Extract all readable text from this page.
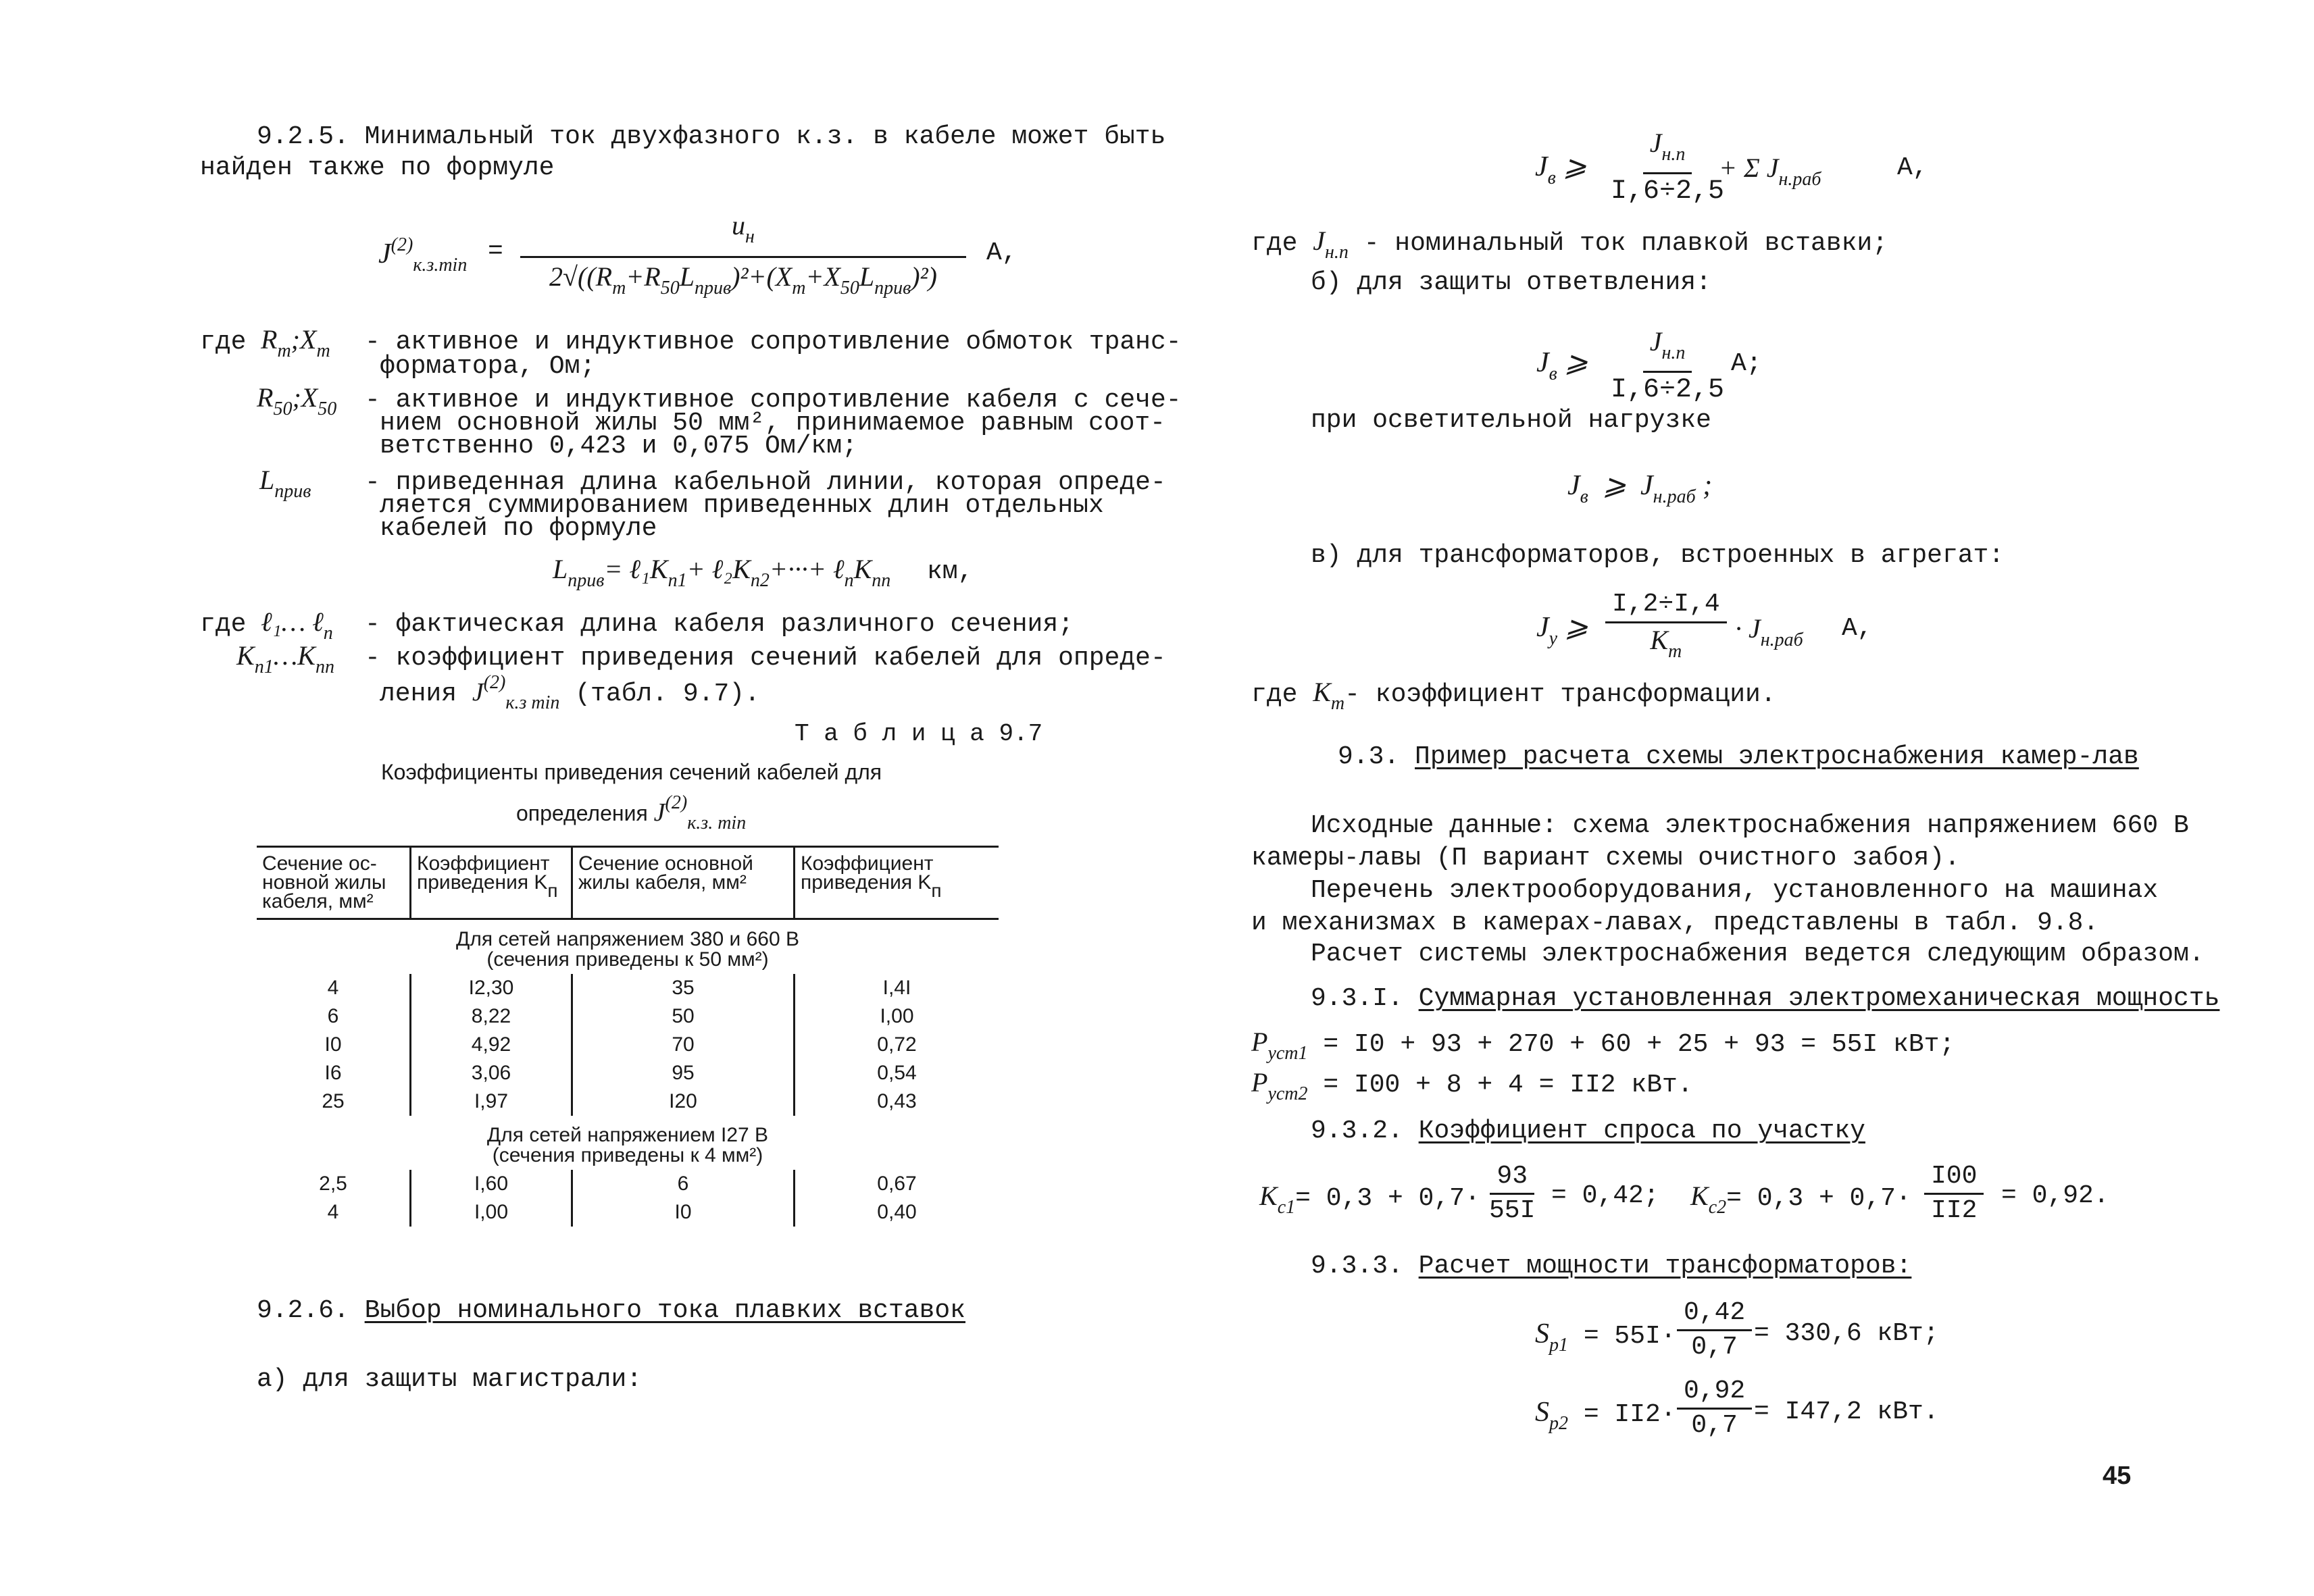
9.2.5. Минимальный ток двухфазного к.з. в кабеле может быть
найден также по формуле
$J^{(2)}_{к.з.min}$ =
$u_н$
$2√((R_т+R_{50}L_{прив})^2+(X_т+X_{50}L_{прив})^2)$
A,
где $R_т;X_т$ - активное и индуктивное сопротивление обмоток транс-
форматора, Ом;
$R_{50};X_{50}$ - активное и индуктивное сопротивление кабеля с сече-
нием основной жилы 50 мм², принимаемое равным соот-
ветственно 0,423 и 0,075 Ом/км;
$L_{прив}$ - приведенная длина кабельной линии, которая опреде-
ляется суммированием приведенных длин отдельных
кабелей по формуле
$L_{прив}=$ $\ell_1K_{п1}+$ $\ell_2K_{п2}+\cdot\cdot\cdot+$ $\ell_nK_{пn}$ км,
где ℓ₁… ℓ$_n$ - фактическая длина кабеля различного сечения;
$K_{п1}\dots K_{пn}$ - коэффициент приведения сечений кабелей для опреде-
ления $J^{(2)}_{к.з min}$ (табл. 9.7).
Т а б л и ц а 9.7
Коэффициенты приведения сечений кабелей для
определения $J^{(2)}_{к.з. min}$
Сечение ос- новной жилы кабеля, мм²	Коэффициент приведения Kп	Сечение основной жилы кабеля, мм²	Коэффициент приведения Kп

Для сетей напряжением 380 и 660 В
(сечения приведены к 50 мм²)			

4	I2,30	35	I,4I
6	8,22	50	I,00
I0	4,92	70	0,72
I6	3,06	95	0,54
25	I,97	I20	0,43

Для сетей напряжением I27 В
(сечения приведены к 4 мм²)			

2,5	I,60	6	0,67
4	I,00	I0	0,40
9.2.6. Выбор номинального тока плавких вставок
а) для защиты магистрали:
$J_в$ ⩾
$J_{н.п}$
I,6÷2,5
+ Σ $J_{н.раб}$	A,
где $J_{н.п}$ - номинальный ток плавкой вставки;
б) для защиты ответвления:
$J_в$ ⩾
$J_{н.п}$
I,6÷2,5
A;
при осветительной нагрузке
$J_в$ ⩾ $J_{н.раб}$ ;
в) для трансформаторов, встроенных в агрегат:
$J_у$ ⩾
I,2÷I,4
$K_т$
· $J_{н.раб}$ A,
где $K_т-$ коэффициент трансформации.
9.3. Пример расчета схемы электроснабжения камер-лав
Исходные данные: схема электроснабжения напряжением 660 В
камеры-лавы (П вариант схемы очистного забоя).
Перечень электрооборудования, установленного на машинах
и механизмах в камерах-лавах, представлены в табл. 9.8.
Расчет системы электроснабжения ведется следующим образом.
9.3.I. Суммарная установленная электромеханическая мощность
$P_{уст1} = I0 + 93 + 270 + 60 + 25 + 93 = 55I$ кВт;
$P_{уст2} = I00 + 8 + 4 = II2$ кВт.
9.3.2. Коэффициент спроса по участку
$K_{c1}= 0,3 + 0,7\cdot \frac{93}{55I} = 0,42$; $K_{c2}= 0,3 + 0,7\cdot \frac{I00}{II2} = 0,92$.
9.3.3. Расчет мощности трансформаторов:
$S_{p1} = 55I\cdot \frac{0,42}{0,7} = 330,6$ кВт;
$S_{p2} = II2\cdot \frac{0,92}{0,7} = I47,2$ кВт.
45
